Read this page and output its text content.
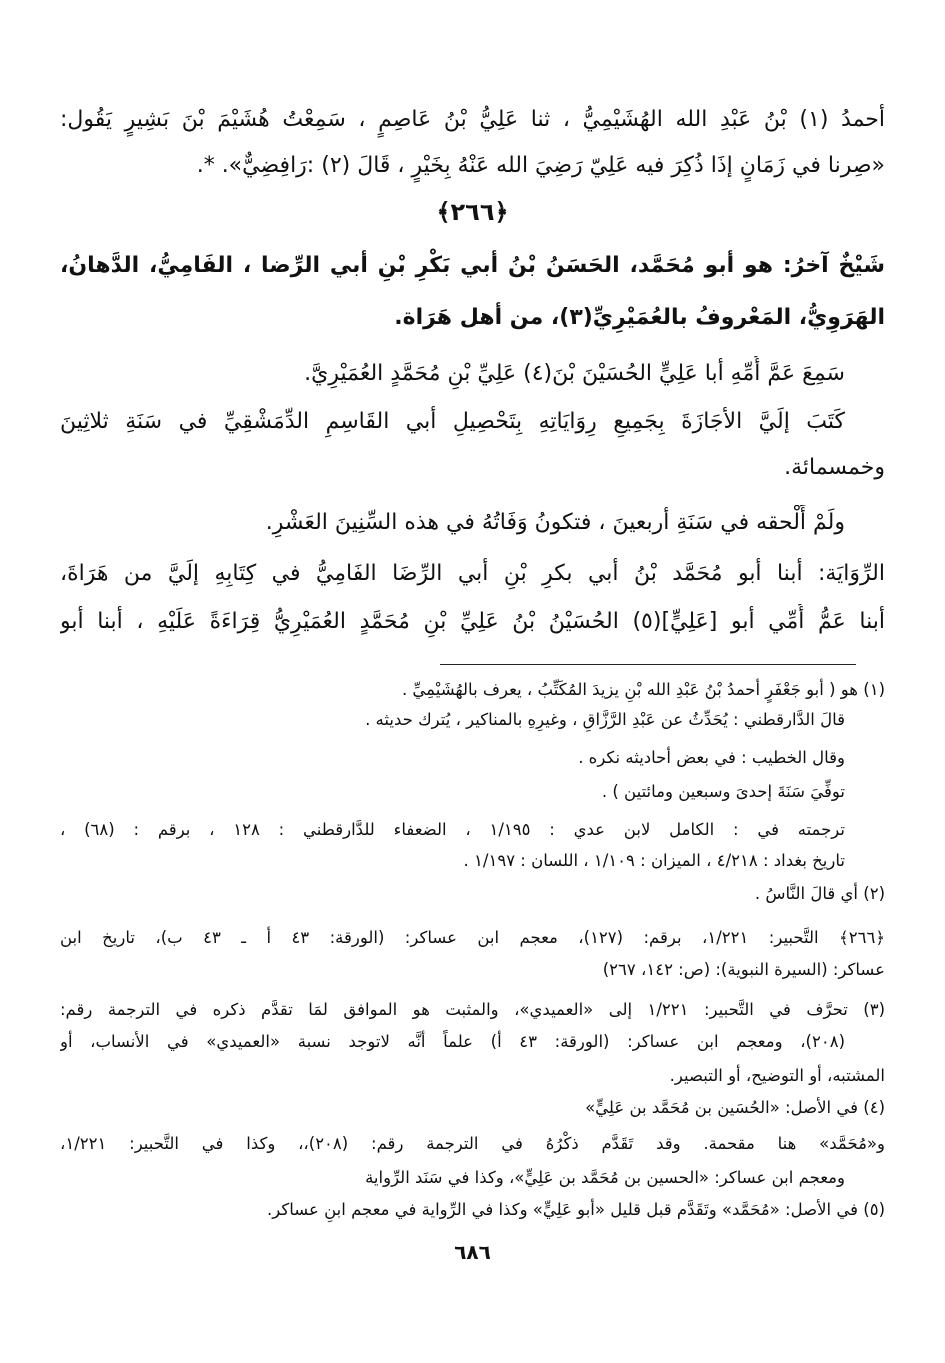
أحمدُ (١) بْنُ عَبْدِ الله الهُشَيْمِيُّ ، ثنا عَلِيُّ بْنُ عَاصِمٍ ، سَمِعْتُ هُشَيْمَ بْنَ بَشِيرٍ يَقُول:
«صِرنا في زَمَانٍ إذَا ذُكِرَ فيه عَلِيّ رَضِيَ الله عَنْهُ بِخَيْرٍ ، قَالَ (٢) :رَافِضِيٌّ». *.
﴿٢٦٦﴾
شَيْخٌ آخرُ: هو أبو مُحَمَّد، الحَسَنُ بْنُ أبي بَكْرِ بْنِ أبي الرِّضا ، الفَامِيُّ، الدَّهانُ،
الهَرَوِيُّ، المَعْروفُ بالعُمَيْرِيِّ(٣)، من أهل هَرَاة.
سَمِعَ عَمَّ أُمِّهِ أبا عَلِيٍّ الحُسَيْنَ بْنَ(٤) عَلِيِّ بْنِ مُحَمَّدٍ العُمَيْرِيَّ.
كَتَبَ إلَيَّ الأجَازَةَ بِجَمِيعِ رِوَايَاتِهِ بِتَحْصِيلِ أبي القَاسِمِ الدِّمَشْقِيِّ في سَنَةِ ثلاثِينَ
وخمسمائة.
ولَمْ أَلْحقه في سَنَةِ أربعينَ ، فتكونُ وَفَاتُهُ في هذه السِّنِينَ العَشْرِ.
الرِّوَايَة: أبنا أبو مُحَمَّد بْنُ أبي بكرِ بْنِ أبي الرِّضَا الفَامِيُّ في كِتَابِهِ إلَيَّ من هَرَاةَ،
أبنا عَمُّ أُمِّي أبو [عَلِيٍّ](٥) الحُسَيْنُ بْنُ عَلِيِّ بْنِ مُحَمَّدٍ العُمَيْرِيُّ قِرَاءَةً عَلَيْهِ ، أبنا أبو
(١) هو ( أبو جَعْفَرٍ أحمدُ بْنُ عَبْدِ الله بْنِ يزيدَ المُكَتِّبُ ، يعرف بالهُشَيْمِيِّ .
قالَ الدَّارقطني : يُحَدِّثُ عن عَبْدِ الرَّزَّاقِ ، وغيرِهِ بالمناكير ، يُترك حديثه .
وقال الخطيب : في بعض أحاديثه نكره .
توفِّيَ سَنَةَ إحدىَ وسبعين ومائتين ) .
ترجمته في : الكامل لابن عدي : ١/١٩٥ ، الضعفاء للدَّارقطني : ١٢٨ ، برقم : (٦٨) ،
تاريخ بغداد : ٤/٢١٨ ، الميزان : ١/١٠٩ ، اللسان : ١/١٩٧ .
(٢) أي قالَ النَّاسُ .
﴿٢٦٦﴾ التَّحبير: ١/٢٢١، برقم: (١٢٧)، معجم ابن عساكر: (الورقة: ٤٣ أ ـ ٤٣ ب)، تاريخ ابن
عساكر: (السيرة النبوية): (ص: ١٤٢، ٢٦٧)
(٣) تحرَّف في التَّحبير: ١/٢٢١ إلى «العميدي»، والمثبت هو الموافق لمَا تقدَّم ذكره في الترجمة رقم:
(٢٠٨)، ومعجم ابن عساكر: (الورقة: ٤٣ أ) علماً أنَّه لاتوجد نسبة «العميدي» في الأنساب، أو
المشتبه، أو التوضيح، أو التبصير.
(٤) في الأصل: «الحُسَين بن مُحَمَّد بن عَلِيٍّ»
و«مُحَمَّد» هنا مقحمة. وقد تَقَدَّم ذكْرُهُ في الترجمة رقم: (٢٠٨)،، وكذا في التَّحبير: ١/٢٢١،
ومعجم ابن عساكر: «الحسين بن مُحَمَّد بن عَلِيٍّ»، وكذا في سَنَد الرِّواية
(٥) في الأصل: «مُحَمَّد» وتَقَدَّم قبل قليل «أبو عَلِيٍّ» وكذا في الرِّواية في معجم ابنِ عساكر.
٦٨٦
